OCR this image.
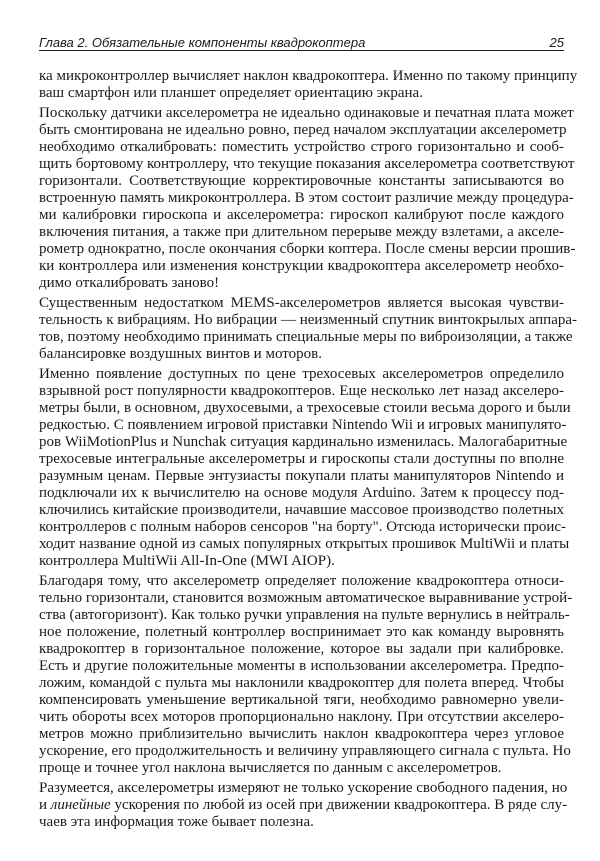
Глава 2. Обязательные компоненты квадрокоптера	25
ка микроконтроллер вычисляет наклон квадрокоптера. Именно по такому принципу
ваш смартфон или планшет определяет ориентацию экрана.
Поскольку датчики акселерометра не идеально одинаковые и печатная плата может
быть смонтирована не идеально ровно, перед началом эксплуатации акселерометр
необходимо откалибровать: поместить устройство строго горизонтально и сооб-
щить бортовому контроллеру, что текущие показания акселерометра соответствуют
горизонтали. Соответствующие корректировочные константы записываются во
встроенную память микроконтроллера. В этом состоит различие между процедура-
ми калибровки гироскопа и акселерометра: гироскоп калибруют после каждого
включения питания, а также при длительном перерыве между взлетами, а акселе-
рометр однократно, после окончания сборки коптера. После смены версии прошив-
ки контроллера или изменения конструкции квадрокоптера акселерометр необхо-
димо откалибровать заново!
Существенным недостатком MEMS-акселерометров является высокая чувстви-
тельность к вибрациям. Но вибрации — неизменный спутник винтокрылых аппара-
тов, поэтому необходимо принимать специальные меры по виброизоляции, а также
балансировке воздушных винтов и моторов.
Именно появление доступных по цене трехосевых акселерометров определило
взрывной рост популярности квадрокоптеров. Еще несколько лет назад акселеро-
метры были, в основном, двухосевыми, а трехосевые стоили весьма дорого и были
редкостью. С появлением игровой приставки Nintendo Wii и игровых манипулято-
ров WiiMotionPlus и Nunchak ситуация кардинально изменилась. Малогабаритные
трехосевые интегральные акселерометры и гироскопы стали доступны по вполне
разумным ценам. Первые энтузиасты покупали платы манипуляторов Nintendo и
подключали их к вычислителю на основе модуля Arduino. Затем к процессу под-
ключились китайские производители, начавшие массовое производство полетных
контроллеров с полным наборов сенсоров "на борту". Отсюда исторически проис-
ходит название одной из самых популярных открытых прошивок MultiWii и платы
контроллера MultiWii All-In-One (MWI AIOP).
Благодаря тому, что акселерометр определяет положение квадрокоптера относи-
тельно горизонтали, становится возможным автоматическое выравнивание устрой-
ства (автогоризонт). Как только ручки управления на пульте вернулись в нейтраль-
ное положение, полетный контроллер воспринимает это как команду выровнять
квадрокоптер в горизонтальное положение, которое вы задали при калибровке.
Есть и другие положительные моменты в использовании акселерометра. Предпо-
ложим, командой с пульта мы наклонили квадрокоптер для полета вперед. Чтобы
компенсировать уменьшение вертикальной тяги, необходимо равномерно увели-
чить обороты всех моторов пропорционально наклону. При отсутствии акселеро-
метров можно приблизительно вычислить наклон квадрокоптера через угловое
ускорение, его продолжительность и величину управляющего сигнала с пульта. Но
проще и точнее угол наклона вычисляется по данным с акселерометров.
Разумеется, акселерометры измеряют не только ускорение свободного падения, но
и линейные ускорения по любой из осей при движении квадрокоптера. В ряде слу-
чаев эта информация тоже бывает полезна.
